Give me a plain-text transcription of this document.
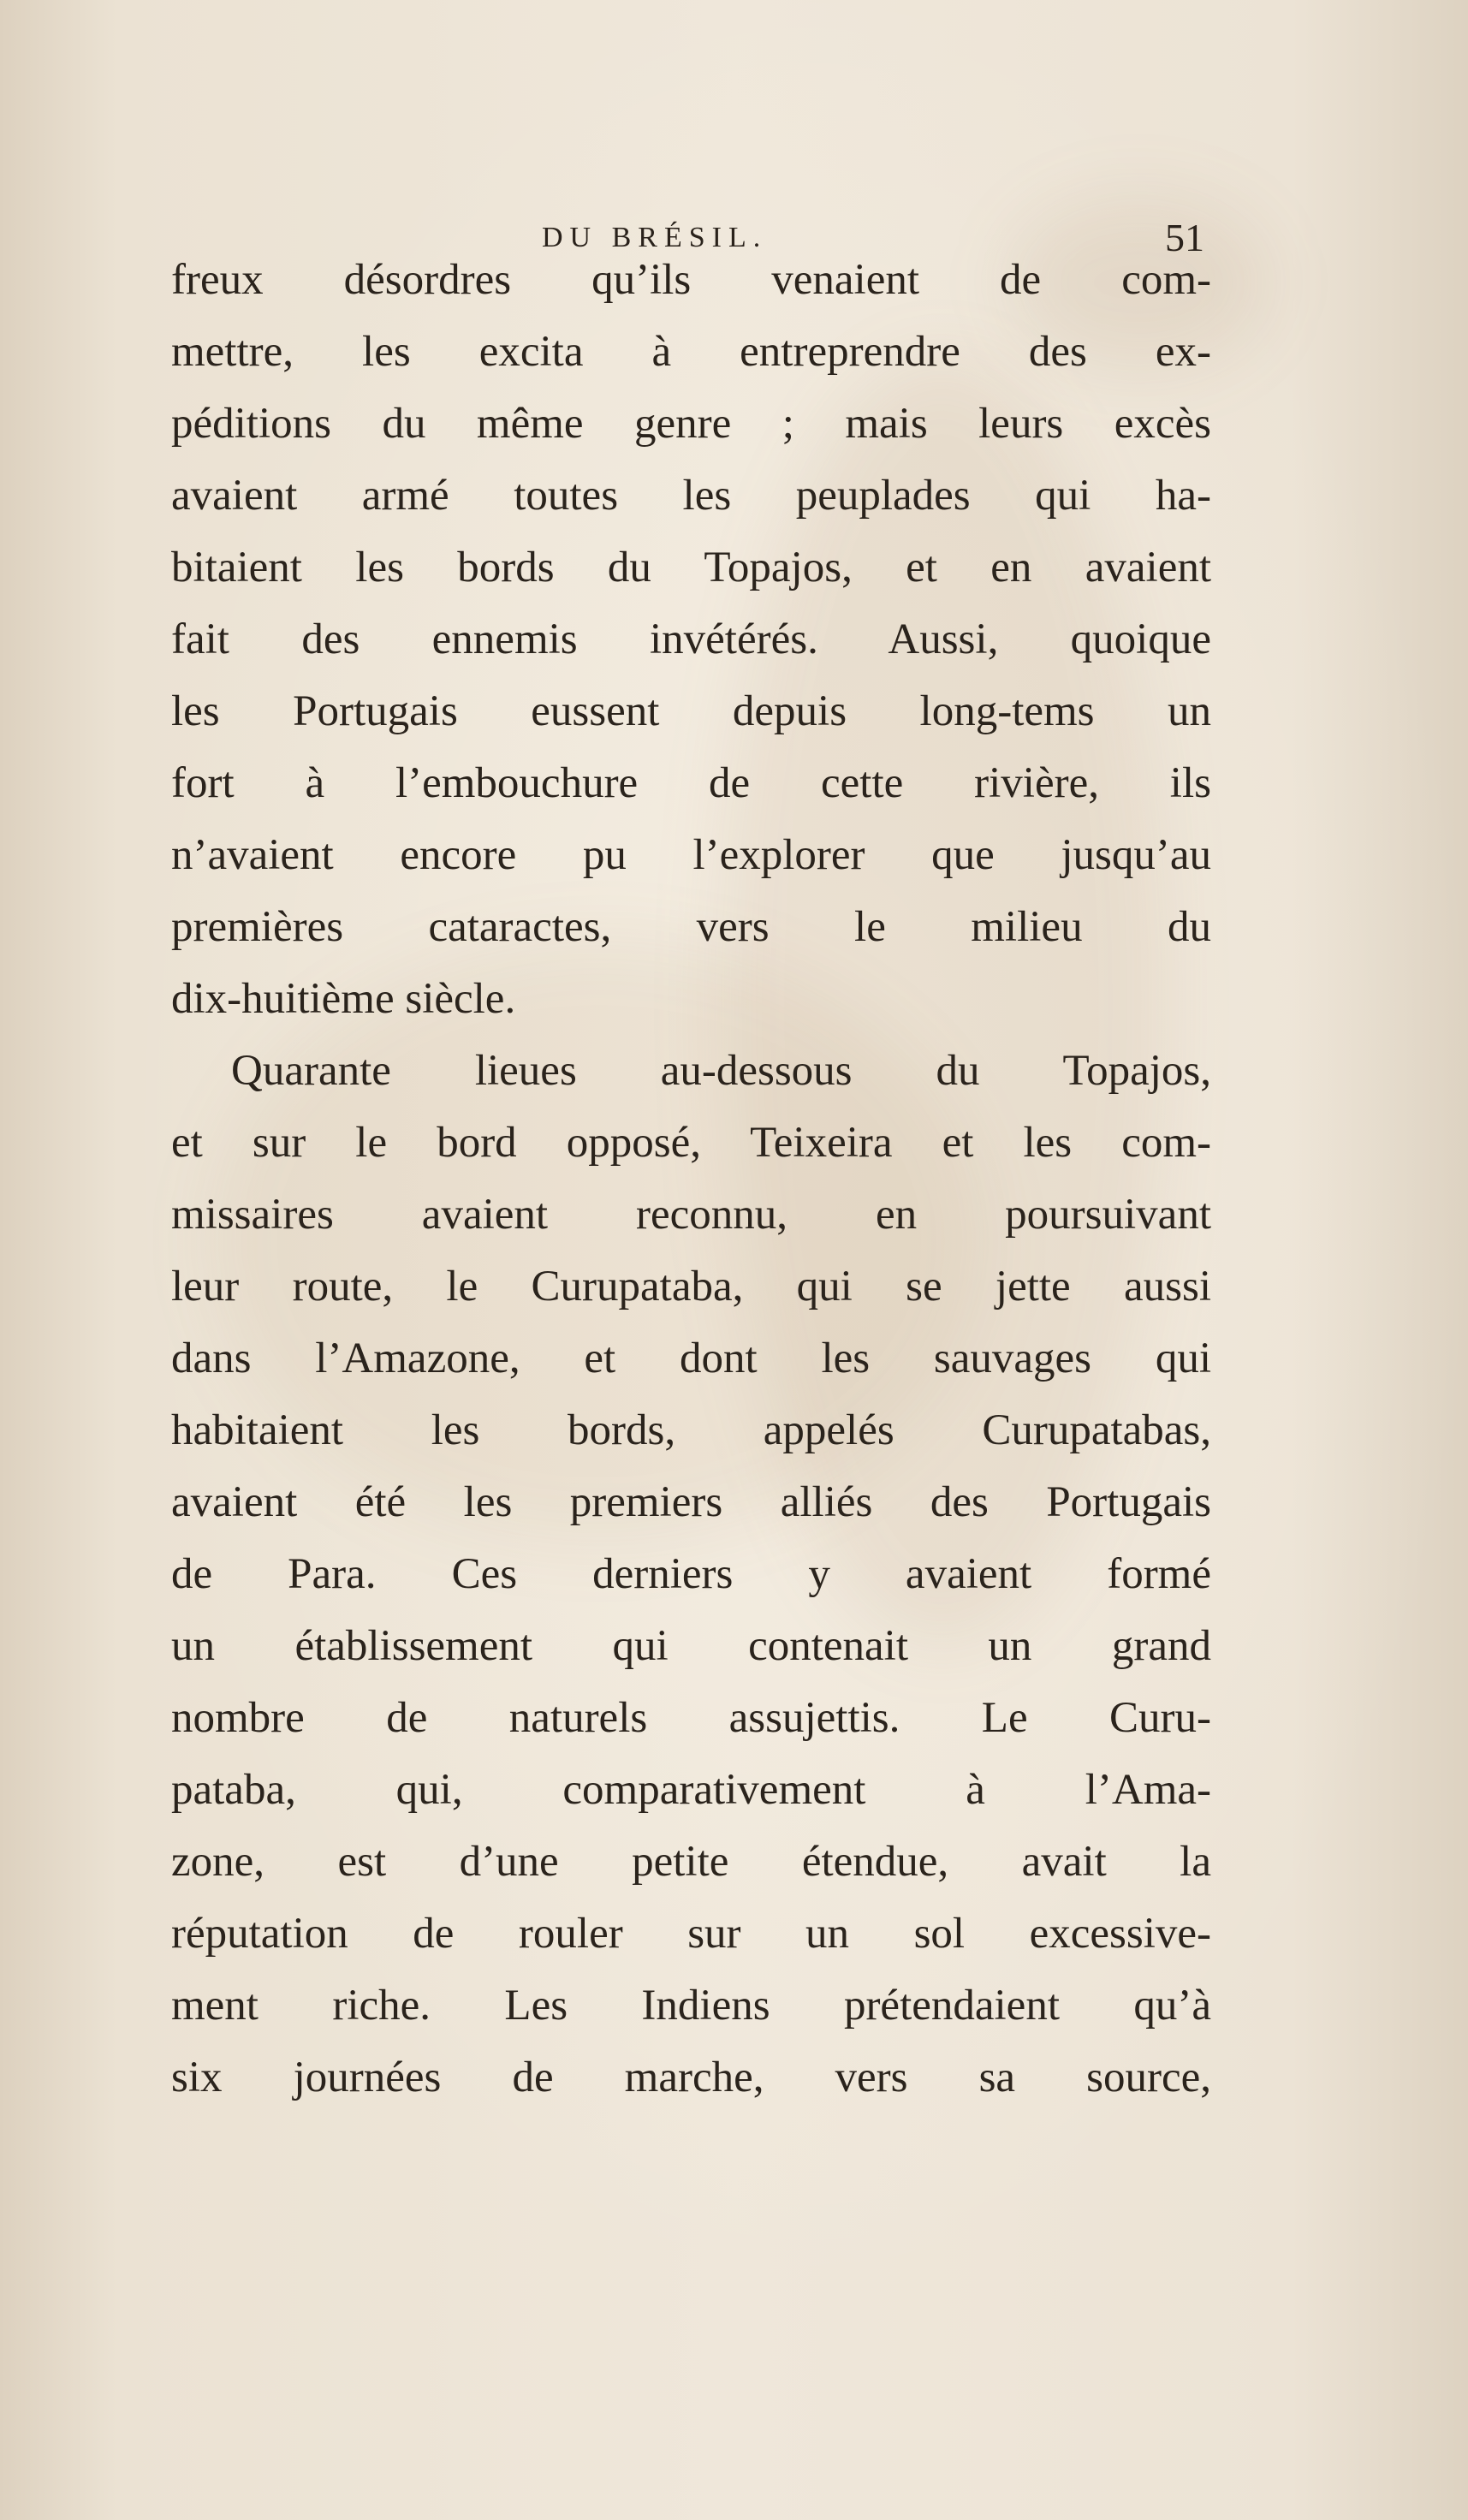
DU BRÉSIL.	51
freux désordres qu’ils venaient de com-
mettre, les excita à entreprendre des ex-
péditions du même genre ; mais leurs excès
avaient armé toutes les peuplades qui ha-
bitaient les bords du Topajos, et en avaient
fait des ennemis invétérés. Aussi, quoique
les Portugais eussent depuis long-tems un
fort à l’embouchure de cette rivière, ils
n’avaient encore pu l’explorer que jusqu’au
premières cataractes, vers le milieu du
dix-huitième siècle.
Quarante lieues au-dessous du Topajos,
et sur le bord opposé, Teixeira et les com-
missaires avaient reconnu, en poursuivant
leur route, le Curupataba, qui se jette aussi
dans l’Amazone, et dont les sauvages qui
habitaient les bords, appelés Curupatabas,
avaient été les premiers alliés des Portugais
de Para. Ces derniers y avaient formé
un établissement qui contenait un grand
nombre de naturels assujettis. Le Curu-
pataba, qui, comparativement à l’Ama-
zone, est d’une petite étendue, avait la
réputation de rouler sur un sol excessive-
ment riche. Les Indiens prétendaient qu’à
six journées de marche, vers sa source,
